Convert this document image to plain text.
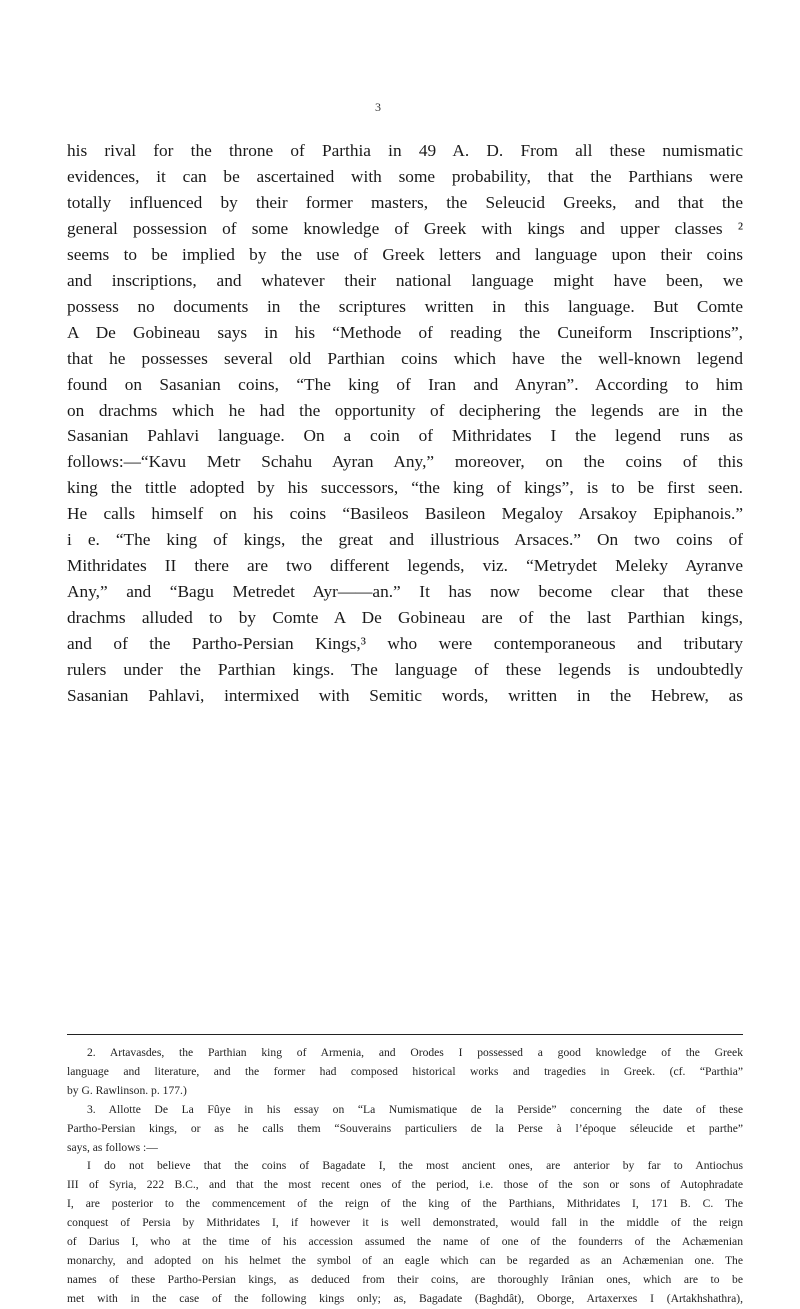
3
his rival for the throne of Parthia in 49 A. D. From all these numismatic
evidences, it can be ascertained with some probability, that the Parthians were
totally influenced by their former masters, the Seleucid Greeks, and that the
general possession of some knowledge of Greek with kings and upper classes ²
seems to be implied by the use of Greek letters and language upon their coins
and inscriptions, and whatever their national language might have been, we
possess no documents in the scriptures written in this language. But Comte
A De Gobineau says in his “Methode of reading the Cuneiform Inscriptions”,
that he possesses several old Parthian coins which have the well-known legend
found on Sasanian coins, “The king of Iran and Anyran”. According to him
on drachms which he had the opportunity of deciphering the legends are in the
Sasanian Pahlavi language. On a coin of Mithridates I the legend runs as
follows:—“Kavu Metr Schahu Ayran Any,” moreover, on the coins of this
king the tittle adopted by his successors, “the king of kings”, is to be first seen.
He calls himself on his coins “Basileos Basileon Megaloy Arsakoy Epiphanois.”
i e. “The king of kings, the great and illustrious Arsaces.” On two coins of
Mithridates II there are two different legends, viz. “Metrydet Meleky Ayranve
Any,” and “Bagu Metredet Ayr——an.” It has now become clear that these
drachms alluded to by Comte A De Gobineau are of the last Parthian kings,
and of the Partho-Persian Kings,³ who were contemporaneous and tributary
rulers under the Parthian kings. The language of these legends is undoubtedly
Sasanian Pahlavi, intermixed with Semitic words, written in the Hebrew, as
2. Artavasdes, the Parthian king of Armenia, and Orodes I possessed a good knowledge of the Greek
language and literature, and the former had composed historical works and tragedies in Greek. (cf. “Parthia”
by G. Rawlinson. p. 177.)
3. Allotte De La Fûye in his essay on “La Numismatique de la Perside” concerning the date of these
Partho-Persian kings, or as he calls them “Souverains particuliers de la Perse à l’époque séleucide et parthe”
says, as follows :—
I do not believe that the coins of Bagadate I, the most ancient ones, are anterior by far to Antiochus
III of Syria, 222 B.C., and that the most recent ones of the period, i.e. those of the son or sons of Autophradate
I, are posterior to the commencement of the reign of the king of the Parthians, Mithridates I, 171 B. C. The
conquest of Persia by Mithridates I, if however it is well demonstrated, would fall in the middle of the reign
of Darius I, who at the time of his accession assumed the name of one of the founderrs of the Achæmenian
monarchy, and adopted on his helmet the symbol of an eagle which can be regarded as an Achæmenian one. The
names of these Partho-Persian kings, as deduced from their coins, are thoroughly Irânian ones, which are to be
met with in the case of the following kings only; as, Bagadate (Baghdât), Oborge, Artaxerxes I (Artakhshathra),
